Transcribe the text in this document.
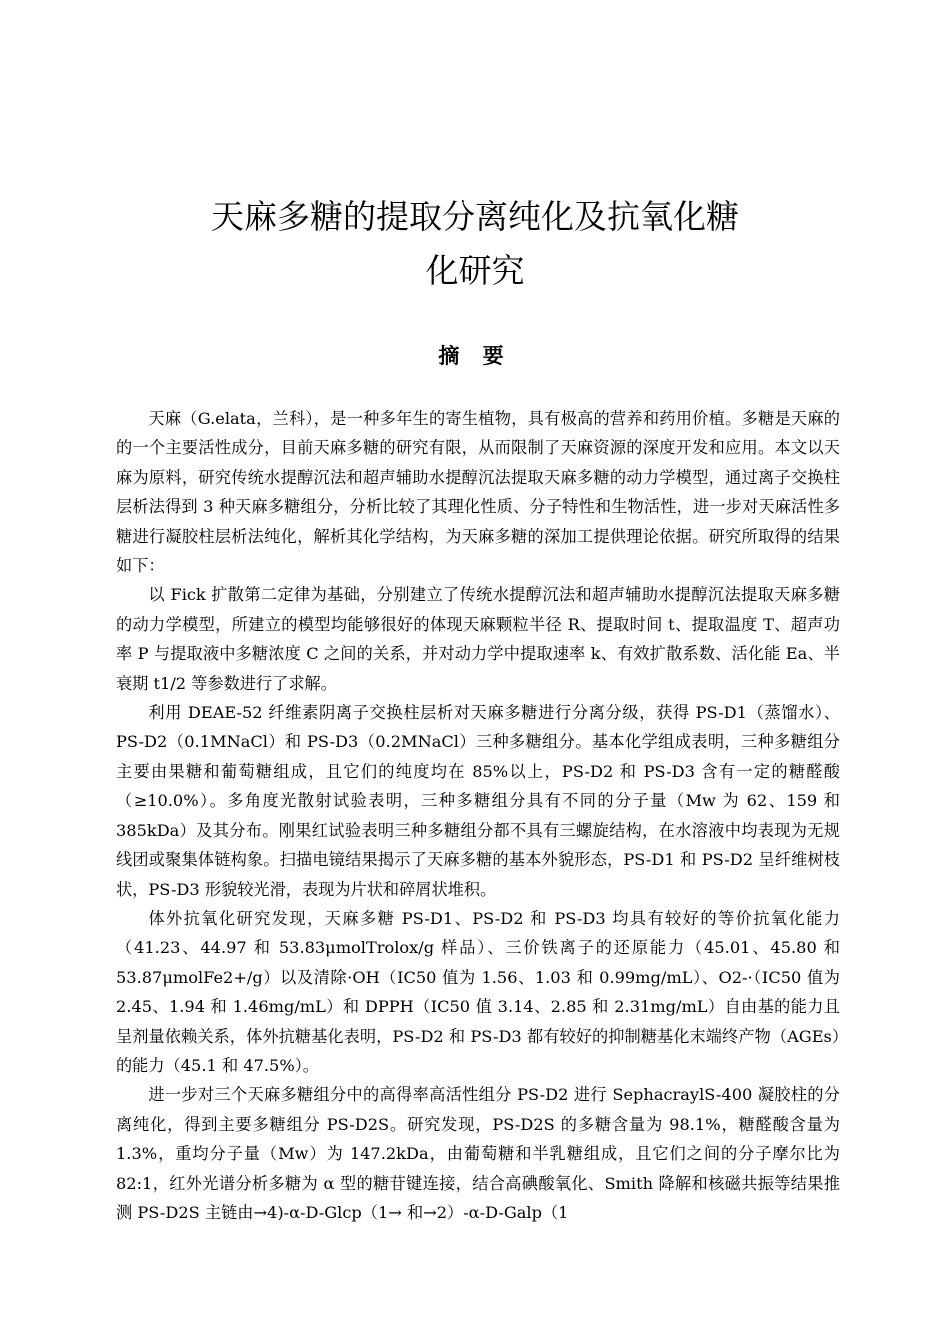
天麻多糖的提取分离纯化及抗氧化糖
化研究
摘 要

天麻（G.elata，兰科），是一种多年生的寄生植物，具有极高的营养和药用价植。多糖是天麻的的一个主要活性成分，目前天麻多糖的研究有限，从而限制了天麻资源的深度开发和应用。本文以天麻为原料，研究传统水提醇沉法和超声辅助水提醇沉法提取天麻多糖的动力学模型，通过离子交换柱层析法得到 3 种天麻多糖组分，分析比较了其理化性质、分子特性和生物活性，进一步对天麻活性多糖进行凝胶柱层析法纯化，解析其化学结构，为天麻多糖的深加工提供理论依据。研究所取得的结果如下：

以 Fick 扩散第二定律为基础，分别建立了传统水提醇沉法和超声辅助水提醇沉法提取天麻多糖的动力学模型，所建立的模型均能够很好的体现天麻颗粒半径 R、提取时间 t、提取温度 T、超声功率 P 与提取液中多糖浓度 C 之间的关系，并对动力学中提取速率 k、有效扩散系数、活化能 Ea、半衰期 t1/2 等参数进行了求解。

利用 DEAE-52 纤维素阴离子交换柱层析对天麻多糖进行分离分级，获得 PS-D1（蒸馏水）、PS-D2（0.1MNaCl）和 PS-D3（0.2MNaCl）三种多糖组分。基本化学组成表明，三种多糖组分主要由果糖和葡萄糖组成，且它们的纯度均在 85%以上，PS-D2 和 PS-D3 含有一定的糖醛酸（≥10.0%）。多角度光散射试验表明，三种多糖组分具有不同的分子量（Mw 为 62、159 和 385kDa）及其分布。刚果红试验表明三种多糖组分都不具有三螺旋结构，在水溶液中均表现为无规线团或聚集体链构象。扫描电镜结果揭示了天麻多糖的基本外貌形态，PS-D1 和 PS-D2 呈纤维树枝状，PS-D3 形貌较光滑，表现为片状和碎屑状堆积。

体外抗氧化研究发现，天麻多糖 PS-D1、PS-D2 和 PS-D3 均具有较好的等价抗氧化能力（41.23、44.97 和 53.83μmolTrolox/g 样品）、三价铁离子的还原能力（45.01、45.80 和 53.87μmolFe2+/g）以及清除·OH（IC50 值为 1.56、1.03 和 0.99mg/mL）、O2-·（IC50 值为 2.45、1.94 和 1.46mg/mL）和 DPPH（IC50 值 3.14、2.85 和 2.31mg/mL）自由基的能力且呈剂量依赖关系，体外抗糖基化表明，PS-D2 和 PS-D3 都有较好的抑制糖基化末端终产物（AGEs）的能力（45.1 和 47.5%）。

进一步对三个天麻多糖组分中的高得率高活性组分 PS-D2 进行 SephacraylS-400 凝胶柱的分离纯化，得到主要多糖组分 PS-D2S。研究发现，PS-D2S 的多糖含量为 98.1%，糖醛酸含量为 1.3%，重均分子量（Mw）为 147.2kDa，由葡萄糖和半乳糖组成，且它们之间的分子摩尔比为 82:1，红外光谱分析多糖为 α 型的糖苷键连接，结合高碘酸氧化、Smith 降解和核磁共振等结果推测 PS-D2S 主链由→4)-α-D-Glcp（1→ 和→2）-α-D-Galp（1
